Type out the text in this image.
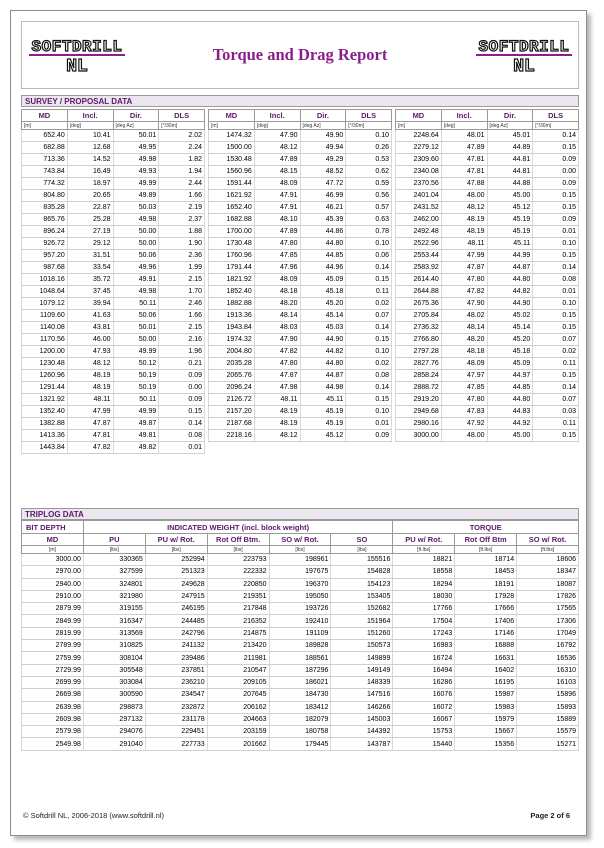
SOFTDRILL
NL
Torque and Drag Report	SOFTDRILL
NL
SURVEY / PROPOSAL DATA
MD	Incl.	Dir.	DLS
[m]	[deg]	[deg Az]	[°/30m]
652.40	10.41	50.01	2.02
682.88	12.68	49.95	2.24
713.36	14.52	49.98	1.82
743.84	16.49	49.93	1.94
774.32	18.97	49.99	2.44
804.80	20.65	49.89	1.66
835.28	22.87	50.03	2.19
865.76	25.28	49.98	2.37
896.24	27.19	50.00	1.88
926.72	29.12	50.00	1.90
957.20	31.51	50.06	2.36
987.68	33.54	49.96	1.99
1018.16	35.72	49.91	2.15
1048.64	37.45	49.98	1.70
1079.12	39.94	50.11	2.46
1109.60	41.63	50.06	1.66
1140.08	43.81	50.01	2.15
1170.56	46.00	50.00	2.16
1200.00	47.93	49.99	1.96
1230.48	48.12	50.12	0.21
1260.96	48.19	50.19	0.09
1291.44	48.19	50.19	0.00
1321.92	48.11	50.11	0.09
1352.40	47.99	49.99	0.15
1382.88	47.87	49.87	0.14
1413.36	47.81	49.81	0.08
1443.84	47.82	49.82	0.01
MD	Incl.	Dir.	DLS
[m]	[deg]	[deg Az]	[°/30m]
1474.32	47.90	49.90	0.10
1500.00	48.12	49.94	0.26
1530.48	47.89	49.29	0.53
1560.96	48.15	48.52	0.62
1591.44	48.09	47.72	0.59
1621.92	47.91	46.99	0.56
1652.40	47.91	46.21	0.57
1682.88	48.10	45.39	0.63
1700.00	47.89	44.86	0.78
1730.48	47.80	44.80	0.10
1760.96	47.85	44.85	0.06
1791.44	47.96	44.96	0.14
1821.92	48.09	45.09	0.15
1852.40	48.18	45.18	0.11
1882.88	48.20	45.20	0.02
1913.36	48.14	45.14	0.07
1943.84	48.03	45.03	0.14
1974.32	47.90	44.90	0.15
2004.80	47.82	44.82	0.10
2035.28	47.80	44.80	0.02
2065.76	47.87	44.87	0.08
2096.24	47.98	44.98	0.14
2126.72	48.11	45.11	0.15
2157.20	48.19	45.19	0.10
2187.68	48.19	45.19	0.01
2218.16	48.12	45.12	0.09
MD	Incl.	Dir.	DLS
[m]	[deg]	[deg Az]	[°/30m]
2248.64	48.01	45.01	0.14
2279.12	47.89	44.89	0.15
2309.60	47.81	44.81	0.09
2340.08	47.81	44.81	0.00
2370.56	47.88	44.88	0.09
2401.04	48.00	45.00	0.15
2431.52	48.12	45.12	0.15
2462.00	48.19	45.19	0.09
2492.48	48.19	45.19	0.01
2522.96	48.11	45.11	0.10
2553.44	47.99	44.99	0.15
2583.92	47.87	44.87	0.14
2614.40	47.80	44.80	0.08
2644.88	47.82	44.82	0.01
2675.36	47.90	44.90	0.10
2705.84	48.02	45.02	0.15
2736.32	48.14	45.14	0.15
2766.80	48.20	45.20	0.07
2797.28	48.18	45.18	0.02
2827.76	48.09	45.09	0.11
2858.24	47.97	44.97	0.15
2888.72	47.85	44.85	0.14
2919.20	47.80	44.80	0.07
2949.68	47.83	44.83	0.03
2980.16	47.92	44.92	0.11
3000.00	48.00	45.00	0.15
TRIPLOG DATA
BIT DEPTH	INDICATED WEIGHT (incl. block weight)					TORQUE		
MD	PU	PU w/ Rot.	Rot Off Btm.	SO w/ Rot.	SO	PU w/ Rot.	Rot Off Btm	SO w/ Rot.
[m]	[lbs]	[lbs]	[lbs]	[lbs]	[lbs]	[ft.lbs]	[ft.lbs]	[ft.lbs]
3000.00	330365	252994	223793	198961	155516	18821	18714	18606
2970.00	327599	251323	222332	197675	154828	18558	18453	18347
2940.00	324801	249628	220850	196370	154123	18294	18191	18087
2910.00	321980	247915	219351	195050	153405	18030	17928	17826
2879.99	319155	246195	217848	193726	152682	17766	17666	17565
2849.99	316347	244485	216352	192410	151964	17504	17406	17306
2819.99	313569	242796	214875	191109	151260	17243	17146	17049
2789.99	310825	241132	213420	189828	150573	16983	16888	16792
2759.99	308104	239486	211981	188561	149899	16724	16631	16536
2729.99	305548	237851	210547	187296	149149	16494	16402	16310
2699.99	303084	236210	209105	186021	148339	16286	16195	16103
2669.98	300590	234547	207645	184730	147516	16076	15987	15896
2639.98	298873	232872	206162	183412	146266	16072	15983	15893
2609.98	297132	231178	204663	182079	145003	16067	15979	15889
2579.98	294076	229451	203159	180758	144392	15753	15667	15579
2549.98	291040	227733	201662	179445	143787	15440	15356	15271
© Softdrill NL, 2006-2018 (www.softdrill.nl)	Page 2 of 6
